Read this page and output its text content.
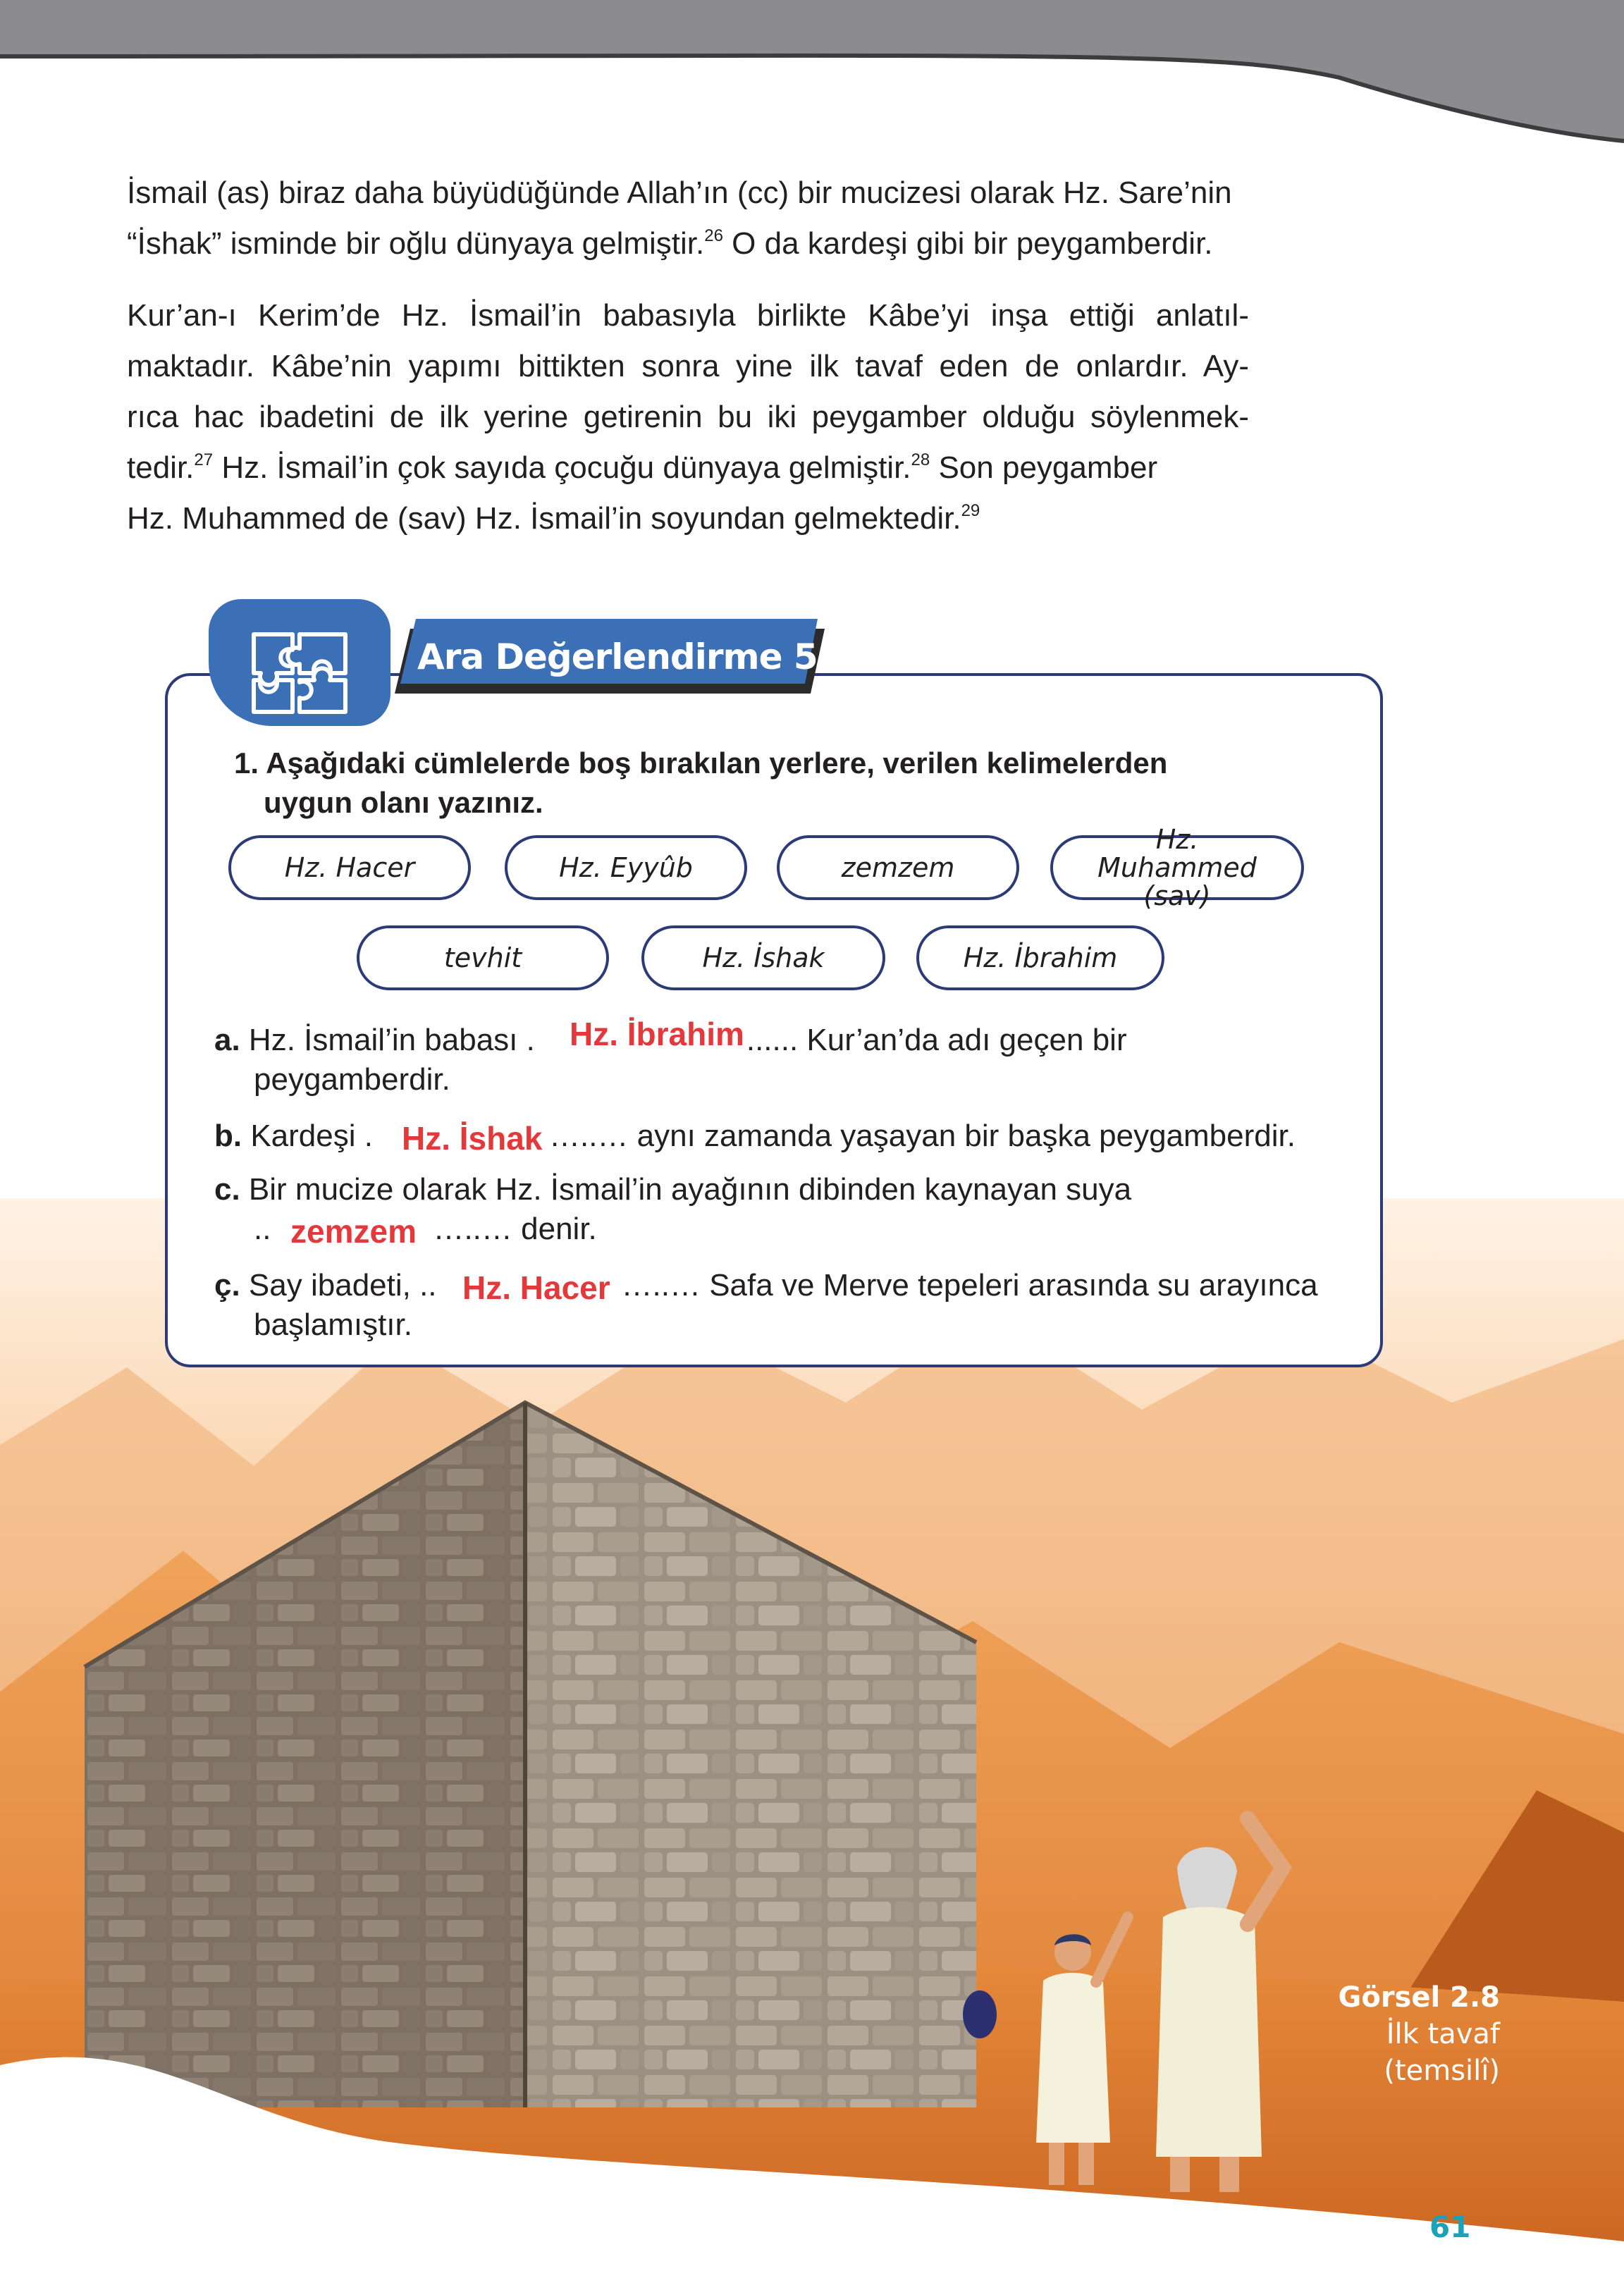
İsmail (as) biraz daha büyüdüğünde Allah’ın (cc) bir mucizesi olarak Hz. Sare’nin
“İshak” isminde bir oğlu dünyaya gelmiştir.$^{26}$ O da kardeşi gibi bir peygamberdir.

Kur’an-ı Kerim’de Hz. İsmail’in babasıyla birlikte Kâbe’yi inşa ettiği anlatıl-
maktadır. Kâbe’nin yapımı bittikten sonra yine ilk tavaf eden de onlardır. Ay-
rıca hac ibadetini de ilk yerine getirenin bu iki peygamber olduğu söylenmek-
tedir.$^{27}$ Hz. İsmail’in çok sayıda çocuğu dünyaya gelmiştir.$^{28}$ Son peygamber
Hz. Muhammed de (sav) Hz. İsmail’in soyundan gelmektedir.$^{29}$

Ara Değerlendirme 5

1. Aşağıdaki cümlelerde boş bırakılan yerlere, verilen kelimelerden
uygun olanı yazınız.

Hz. Hacer	Hz. Eyyûb	zemzem
Hz. Muhammed (sav)
tevhit	Hz. İshak	Hz. İbrahim

a. Hz. İsmail’in babası .	...... Kur’an’da adı geçen bir
peygamberdir.

Hz. İbrahim

b. Kardeşi .	…..… aynı zamanda yaşayan bir başka peygamberdir.

Hz. İshak

c. Bir mucize olarak Hz. İsmail’in ayağının dibinden kaynayan suya
..	…..… denir.

zemzem

ç. Say ibadeti, ..	…..… Safa ve Merve tepeleri arasında su arayınca
başlamıştır.

Hz. Hacer
Görsel 2.8
İlk tavaf
(temsilî)
61
